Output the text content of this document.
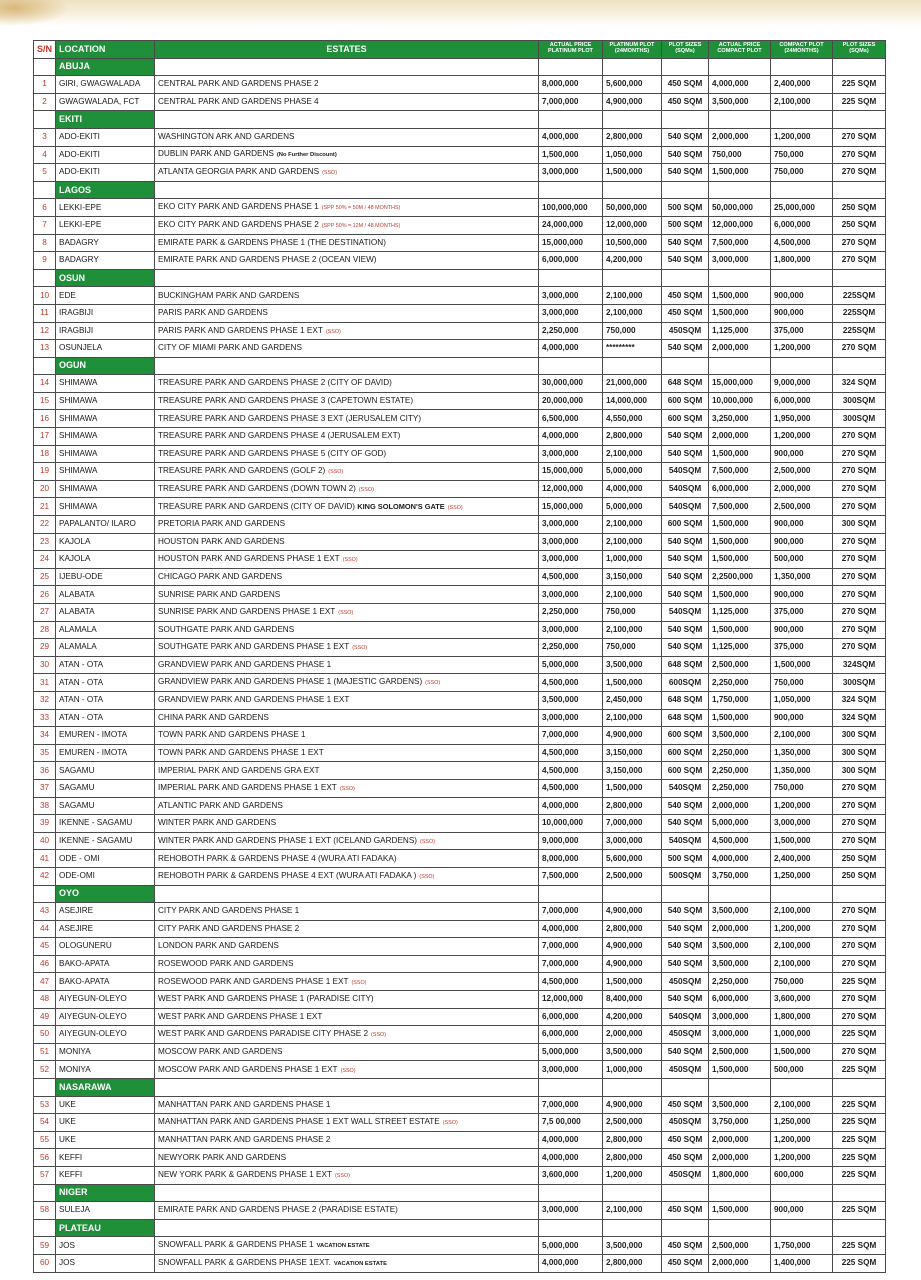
S/N	LOCATION	ESTATES	ACTUAL PRICE PLATINUM PLOT	PLATINUM PLOT (24MONTHS)	PLOT SIZES (SQMs)	ACTUAL PRICE COMPACT PLOT	COMPACT PLOT (24MONTHS)	PLOT SIZES (SQMs)
	ABUJA							
1	GIRI, GWAGWALADA	CENTRAL PARK AND GARDENS PHASE 2	8,000,000	5,600,000	450 SQM	4,000,000	2,400,000	225 SQM
2	GWAGWALADA, FCT	CENTRAL PARK AND GARDENS PHASE 4	7,000,000	4,900,000	450 SQM	3,500,000	2,100,000	225 SQM
	EKITI							
3	ADO-EKITI	WASHINGTON ARK AND GARDENS	4,000,000	2,800,000	540 SQM	2,000,000	1,200,000	270 SQM
4	ADO-EKITI	DUBLIN PARK AND GARDENS (No Further Discount)	1,500,000	1,050,000	540 SQM	750,000	750,000	270 SQM
5	ADO-EKITI	ATLANTA GEORGIA PARK AND GARDENS (SSO)	3,000,000	1,500,000	540 SQM	1,500,000	750,000	270 SQM
	LAGOS							
6	LEKKI-EPE	EKO CITY PARK AND GARDENS PHASE 1 (SPP 50% = 50M / 48 MONTHS)	100,000,000	50,000,000	500 SQM	50,000,000	25,000,000	250 SQM
7	LEKKI-EPE	EKO CITY PARK AND GARDENS PHASE 2 (SPP 50% = 12M / 48 MONTHS)	24,000,000	12,000,000	500 SQM	12,000,000	6,000,000	250 SQM
8	BADAGRY	EMIRATE PARK & GARDENS PHASE 1 (THE DESTINATION)	15,000,000	10,500,000	540 SQM	7,500,000	4,500,000	270 SQM
9	BADAGRY	EMIRATE PARK AND GARDENS PHASE 2 (OCEAN VIEW)	6,000,000	4,200,000	540 SQM	3,000,000	1,800,000	270 SQM
	OSUN							
10	EDE	BUCKINGHAM PARK AND GARDENS	3,000,000	2,100,000	450 SQM	1,500,000	900,000	225SQM
11	IRAGBIJI	PARIS PARK AND GARDENS	3,000,000	2,100,000	450 SQM	1,500,000	900,000	225SQM
12	IRAGBIJI	PARIS PARK AND GARDENS PHASE 1 EXT (SSO)	2,250,000	750,000	450SQM	1,125,000	375,000	225SQM
13	OSUNJELA	CITY OF MIAMI PARK AND GARDENS	4,000,000	*********	540 SQM	2,000,000	1,200,000	270 SQM
	OGUN							
14	SHIMAWA	TREASURE PARK AND GARDENS PHASE 2 (CITY OF DAVID)	30,000,000	21,000,000	648 SQM	15,000,000	9,000,000	324 SQM
15	SHIMAWA	TREASURE PARK AND GARDENS PHASE 3 (CAPETOWN ESTATE)	20,000,000	14,000,000	600 SQM	10,000,000	6,000,000	300SQM
16	SHIMAWA	TREASURE PARK AND GARDENS PHASE 3 EXT (JERUSALEM CITY)	6,500,000	4,550,000	600 SQM	3,250,000	1,950,000	300SQM
17	SHIMAWA	TREASURE PARK AND GARDENS PHASE 4 (JERUSALEM EXT)	4,000,000	2,800,000	540 SQM	2,000,000	1,200,000	270 SQM
18	SHIMAWA	TREASURE PARK AND GARDENS PHASE 5 (CITY OF GOD)	3,000,000	2,100,000	540 SQM	1,500,000	900,000	270 SQM
19	SHIMAWA	TREASURE PARK AND GARDENS (GOLF 2) (SSO)	15,000,000	5,000,000	540SQM	7,500,000	2,500,000	270 SQM
20	SHIMAWA	TREASURE PARK AND GARDENS (DOWN TOWN 2) (SSO)	12,000,000	4,000,000	540SQM	6,000,000	2,000,000	270 SQM
21	SHIMAWA	TREASURE PARK AND GARDENS (CITY OF DAVID) KING SOLOMON'S GATE (SSO)	15,000,000	5,000,000	540SQM	7,500,000	2,500,000	270 SQM
22	PAPALANTO/ ILARO	PRETORIA PARK AND GARDENS	3,000,000	2,100,000	600 SQM	1,500,000	900,000	300 SQM
23	KAJOLA	HOUSTON PARK AND GARDENS	3,000,000	2,100,000	540 SQM	1,500,000	900,000	270 SQM
24	KAJOLA	HOUSTON PARK AND GARDENS PHASE 1 EXT (SSO)	3,000,000	1,000,000	540 SQM	1,500,000	500,000	270 SQM
25	IJEBU-ODE	CHICAGO PARK AND GARDENS	4,500,000	3,150,000	540 SQM	2,2500,000	1,350,000	270 SQM
26	ALABATA	SUNRISE PARK AND GARDENS	3,000,000	2,100,000	540 SQM	1,500,000	900,000	270 SQM
27	ALABATA	SUNRISE PARK AND GARDENS PHASE 1 EXT (SSO)	2,250,000	750,000	540SQM	1,125,000	375,000	270 SQM
28	ALAMALA	SOUTHGATE PARK AND GARDENS	3,000,000	2,100,000	540 SQM	1,500,000	900,000	270 SQM
29	ALAMALA	SOUTHGATE PARK AND GARDENS PHASE 1 EXT (SSO)	2,250,000	750,000	540 SQM	1,125,000	375,000	270 SQM
30	ATAN - OTA	GRANDVIEW PARK AND GARDENS PHASE 1	5,000,000	3,500,000	648 SQM	2,500,000	1,500,000	324SQM
31	ATAN - OTA	GRANDVIEW PARK AND GARDENS PHASE 1 (MAJESTIC GARDENS) (SSO)	4,500,000	1,500,000	600SQM	2,250,000	750,000	300SQM
32	ATAN - OTA	GRANDVIEW PARK AND GARDENS PHASE 1 EXT	3,500,000	2,450,000	648 SQM	1,750,000	1,050,000	324 SQM
33	ATAN - OTA	CHINA PARK AND GARDENS	3,000,000	2,100,000	648 SQM	1,500,000	900,000	324 SQM
34	EMUREN - IMOTA	TOWN PARK AND GARDENS PHASE 1	7,000,000	4,900,000	600 SQM	3,500,000	2,100,000	300 SQM
35	EMUREN - IMOTA	TOWN PARK AND GARDENS PHASE 1 EXT	4,500,000	3,150,000	600 SQM	2,250,000	1,350,000	300 SQM
36	SAGAMU	IMPERIAL PARK AND GARDENS GRA EXT	4,500,000	3,150,000	600 SQM	2,250,000	1,350,000	300 SQM
37	SAGAMU	IMPERIAL PARK AND GARDENS PHASE 1 EXT (SSO)	4,500,000	1,500,000	540SQM	2,250,000	750,000	270 SQM
38	SAGAMU	ATLANTIC PARK AND GARDENS	4,000,000	2,800,000	540 SQM	2,000,000	1,200,000	270 SQM
39	IKENNE - SAGAMU	WINTER PARK AND GARDENS	10,000,000	7,000,000	540 SQM	5,000,000	3,000,000	270 SQM
40	IKENNE - SAGAMU	WINTER PARK AND GARDENS PHASE 1 EXT (ICELAND GARDENS) (SSO)	9,000,000	3,000,000	540SQM	4,500,000	1,500,000	270 SQM
41	ODE - OMI	REHOBOTH PARK & GARDENS PHASE 4 (WURA ATI FADAKA)	8,000,000	5,600,000	500 SQM	4,000,000	2,400,000	250 SQM
42	ODE-OMI	REHOBOTH PARK & GARDENS PHASE 4 EXT (WURA ATI FADAKA ) (SSO)	7,500,000	2,500,000	500SQM	3,750,000	1,250,000	250 SQM
	OYO							
43	ASEJIRE	CITY PARK AND GARDENS PHASE 1	7,000,000	4,900,000	540 SQM	3,500,000	2,100,000	270 SQM
44	ASEJIRE	CITY PARK AND GARDENS PHASE 2	4,000,000	2,800,000	540 SQM	2,000,000	1,200,000	270 SQM
45	OLOGUNERU	LONDON PARK AND GARDENS	7,000,000	4,900,000	540 SQM	3,500,000	2,100,000	270 SQM
46	BAKO-APATA	ROSEWOOD PARK AND GARDENS	7,000,000	4,900,000	540 SQM	3,500,000	2,100,000	270 SQM
47	BAKO-APATA	ROSEWOOD PARK AND GARDENS PHASE 1 EXT (SSO)	4,500,000	1,500,000	450SQM	2,250,000	750,000	225 SQM
48	AIYEGUN-OLEYO	WEST PARK AND GARDENS PHASE 1 (PARADISE CITY)	12,000,000	8,400,000	540 SQM	6,000,000	3,600,000	270 SQM
49	AIYEGUN-OLEYO	WEST PARK AND GARDENS PHASE 1 EXT	6,000,000	4,200,000	540SQM	3,000,000	1,800,000	270 SQM
50	AIYEGUN-OLEYO	WEST PARK AND GARDENS PARADISE CITY PHASE 2 (SSO)	6,000,000	2,000,000	450SQM	3,000,000	1,000,000	225 SQM
51	MONIYA	MOSCOW PARK AND GARDENS	5,000,000	3,500,000	540 SQM	2,500,000	1,500,000	270 SQM
52	MONIYA	MOSCOW PARK AND GARDENS PHASE 1 EXT (SSO)	3,000,000	1,000,000	450SQM	1,500,000	500,000	225 SQM
	NASARAWA							
53	UKE	MANHATTAN PARK AND GARDENS PHASE 1	7,000,000	4,900,000	450 SQM	3,500,000	2,100,000	225 SQM
54	UKE	MANHATTAN PARK AND GARDENS PHASE 1 EXT WALL STREET ESTATE (SSO)	7,5 00,000	2,500,000	450SQM	3,750,000	1,250,000	225 SQM
55	UKE	MANHATTAN PARK AND GARDENS PHASE 2	4,000,000	2,800,000	450 SQM	2,000,000	1,200,000	225 SQM
56	KEFFI	NEWYORK PARK AND GARDENS	4,000,000	2,800,000	450 SQM	2,000,000	1,200,000	225 SQM
57	KEFFI	NEW YORK PARK & GARDENS PHASE 1 EXT (SSO)	3,600,000	1,200,000	450SQM	1,800,000	600,000	225 SQM
	NIGER							
58	SULEJA	EMIRATE PARK AND GARDENS PHASE 2 (PARADISE ESTATE)	3,000,000	2,100,000	450 SQM	1,500,000	900,000	225 SQM
	PLATEAU							
59	JOS	SNOWFALL PARK & GARDENS PHASE 1 VACATION ESTATE	5,000,000	3,500,000	450 SQM	2,500,000	1,750,000	225 SQM
60	JOS	SNOWFALL PARK & GARDENS PHASE 1EXT. VACATION ESTATE	4,000,000	2,800,000	450 SQM	2,000,000	1,400,000	225 SQM
